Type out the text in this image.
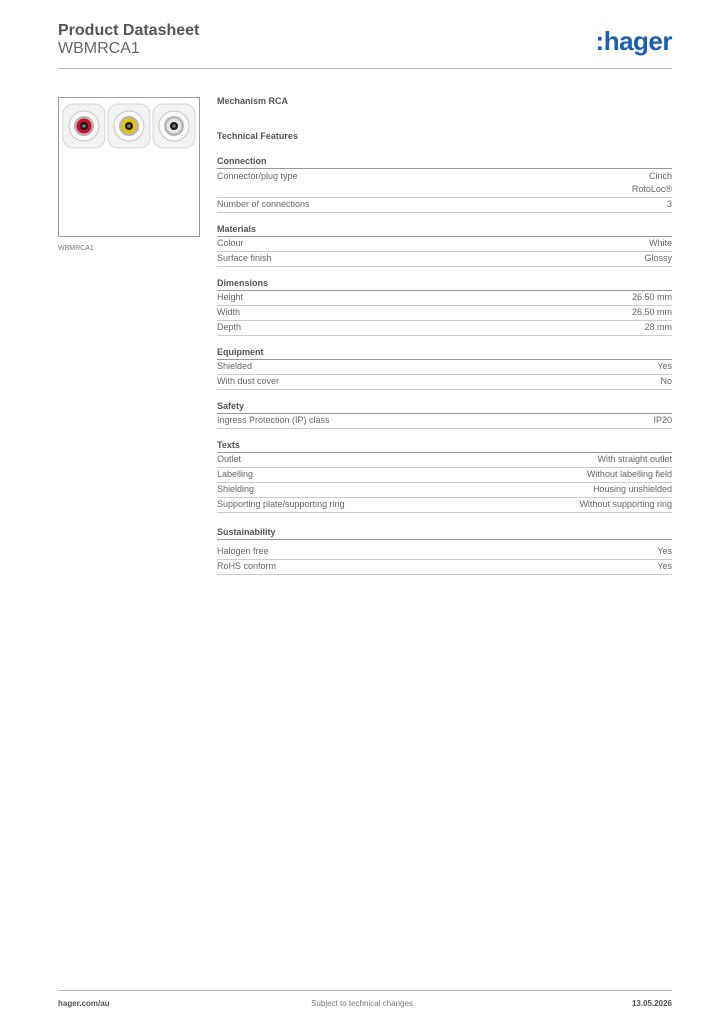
Product Datasheet
WBMRCA1	:hager
WBMRCA1
Mechanism RCA
Technical Features
Connection
Connector/plug type	Cinch
RotoLoc®
Number of connections	3
Materials
Colour	White
Surface finish	Glossy
Dimensions
Height	26.50 mm
Width	26.50 mm
Depth	28 mm
Equipment
Shielded	Yes
With dust cover	No
Safety
Ingress Protection (IP) class	IP20
Texts
Outlet	With straight outlet
Labelling	Without labelling field
Shielding	Housing unshielded
Supporting plate/supporting ring	Without supporting ring
Sustainability
Halogen free	Yes
RoHS conform	Yes
hager.com/au	Subject to technical changes	13.05.2026
